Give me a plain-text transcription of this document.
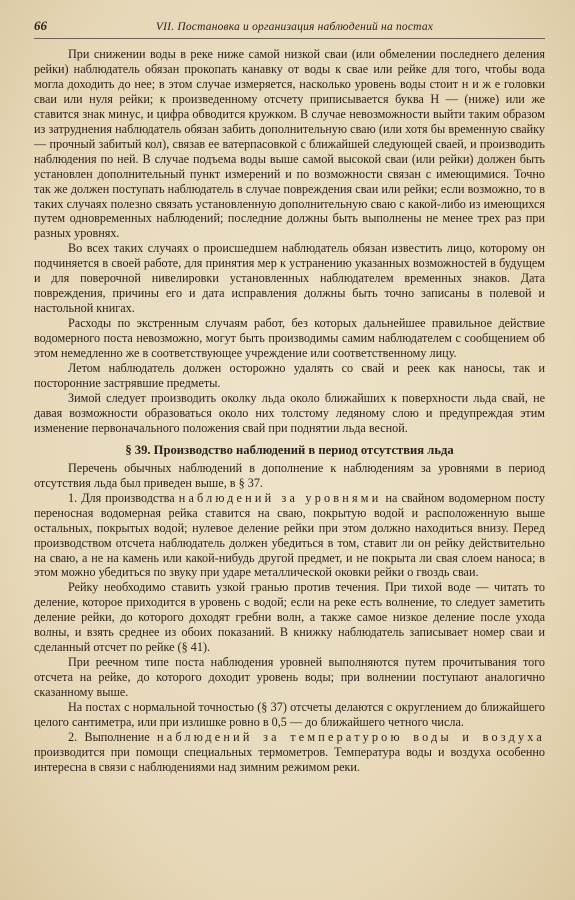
66	VII. Постановка и организация наблюдений на постах

При снижении воды в реке ниже самой низкой сваи (или обмелении последнего деления рейки) наблюдатель обязан прокопать канавку от воды к свае или рейке для того, чтобы вода могла доходить до нее; в этом случае измеряется, насколько уровень воды стоит н и ж е головки сваи или нуля рейки; к произведенному отсчету приписывается буква Н — (ниже) или же ставится знак минус, и цифра обводится кружком. В случае невозможности выйти таким образом из затруднения наблюдатель обязан забить дополнительную сваю (или хотя бы временную свайку — прочный забитый кол), связав ее ватерпасовкой с ближайшей следующей сваей, и производить наблюдения по ней. В случае подъема воды выше самой высокой сваи (или рейки) должен быть установлен дополнительный пункт измерений и по возможности связан с имеющимися. Точно так же должен поступать наблюдатель в случае повреждения сваи или рейки; если возможно, то в таких случаях полезно связать установленную дополнительную сваю с какой-либо из имеющихся путем одновременных наблюдений; последние должны быть выполнены не менее трех раз при разных уровнях.

Во всех таких случаях о происшедшем наблюдатель обязан известить лицо, которому он подчиняется в своей работе, для принятия мер к устранению указанных возможностей в будущем и для поверочной нивелировки установленных наблюдателем временных знаков. Дата повреждения, причины его и дата исправления должны быть точно записаны в полевой и настольной книгах.

Расходы по экстренным случаям работ, без которых дальнейшее правильное действие водомерного поста невозможно, могут быть производимы самим наблюдателем с сообщением об этом немедленно же в соответствующее учреждение или соответственному лицу.

Летом наблюдатель должен осторожно удалять со свай и реек как наносы, так и посторонние застрявшие предметы.

Зимой следует производить околку льда около ближайших к поверхности льда свай, не давая возможности образоваться около них толстому ледяному слою и предупреждая этим изменение первоначального положения свай при поднятии льда весной.

§ 39. Производство наблюдений в период отсутствия льда

Перечень обычных наблюдений в дополнение к наблюдениям за уровнями в период отсутствия льда был приведен выше, в § 37.

1. Для производства наблюдений за уровнями на свайном водомерном посту переносная водомерная рейка ставится на сваю, покрытую водой и расположенную выше остальных, покрытых водой; нулевое деление рейки при этом должно находиться внизу. Перед производством отсчета наблюдатель должен убедиться в том, ставит ли он рейку действительно на сваю, а не на камень или какой-нибудь другой предмет, и не покрыта ли свая слоем наноса; в этом можно убедиться по звуку при ударе металлической оковки рейки о гвоздь сваи.

Рейку необходимо ставить узкой гранью против течения. При тихой воде — читать то деление, которое приходится в уровень с водой; если на реке есть волнение, то следует заметить деление рейки, до которого доходят гребни волн, а также самое низкое деление после ухода волны, и взять среднее из обоих показаний. В книжку наблюдатель записывает номер сваи и сделанный отсчет по рейке (§ 41).

При реечном типе поста наблюдения уровней выполняются путем прочитывания того отсчета на рейке, до которого доходит уровень воды; при волнении поступают аналогично сказанному выше.

На постах с нормальной точностью (§ 37) отсчеты делаются с округлением до ближайшего целого сантиметра, или при излишке ровно в 0,5 — до ближайшего четного числа.

2. Выполнение наблюдений за температурою воды и воздуха производится при помощи специальных термометров. Температура воды и воздуха особенно интересна в связи с наблюдениями над зимним режимом реки.
